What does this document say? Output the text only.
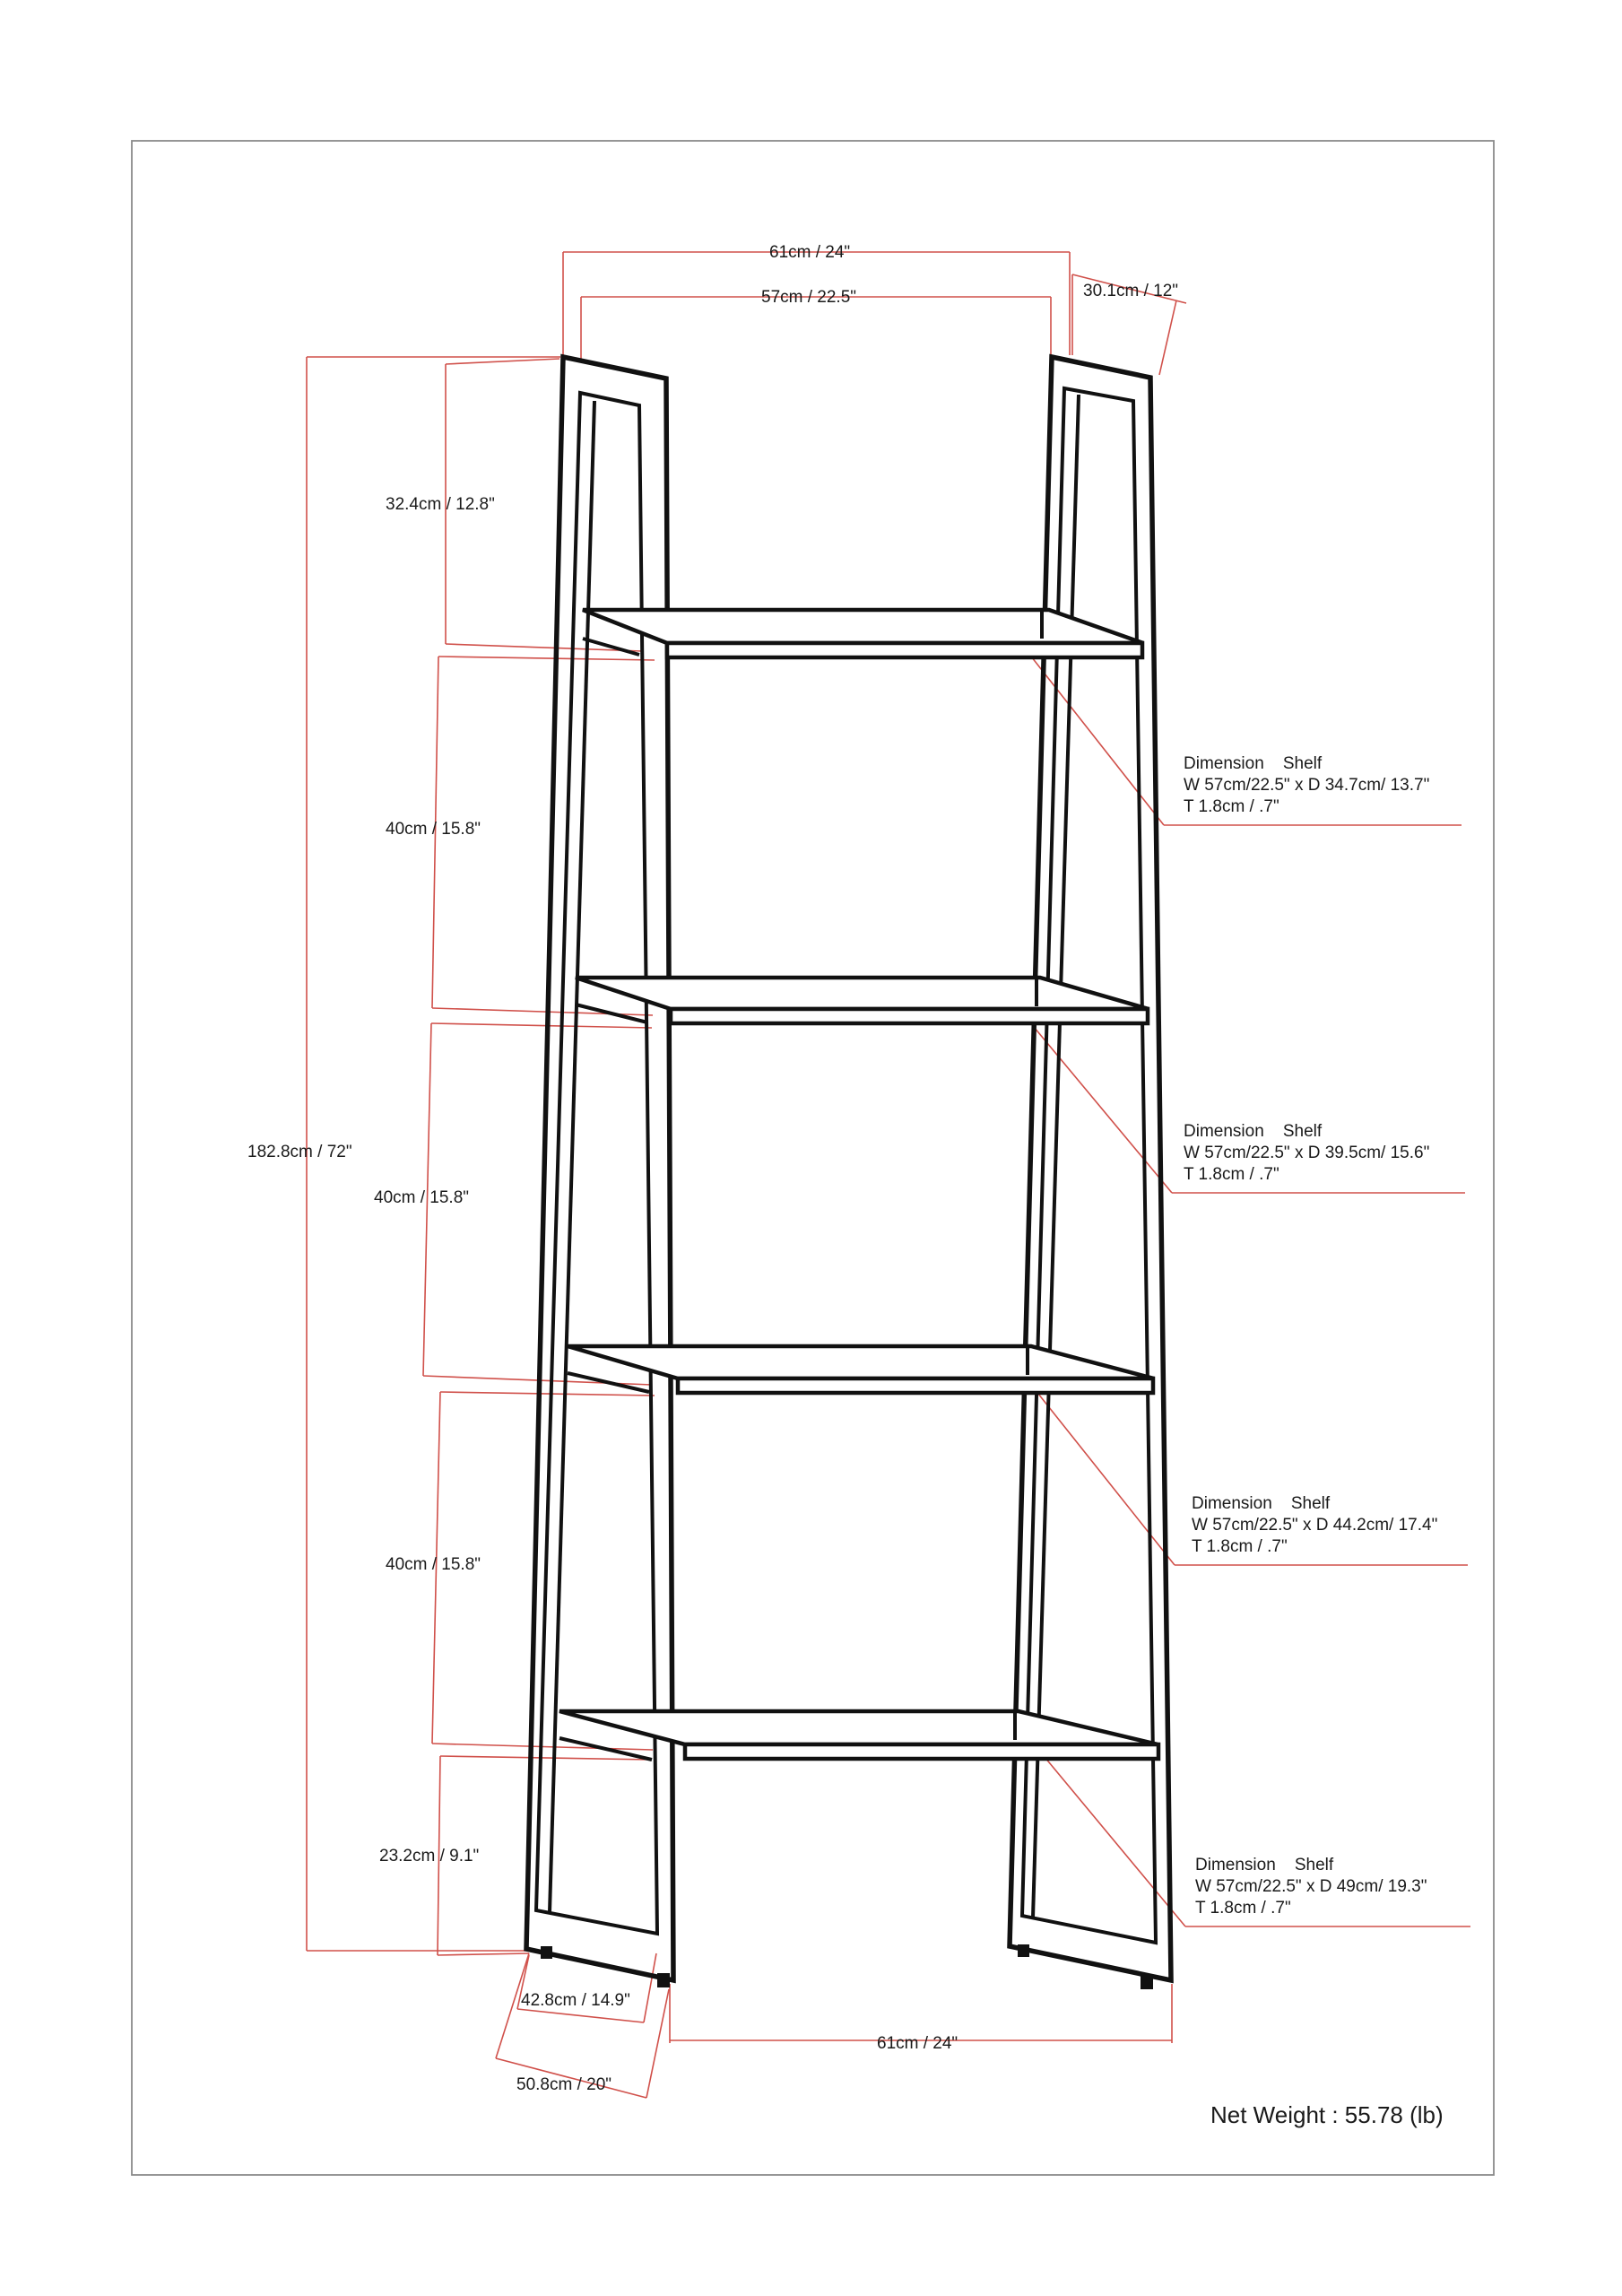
61cm / 24"
57cm / 22.5"	30.1cm / 12"
182.8cm / 72"
32.4cm / 12.8"
40cm / 15.8"
40cm / 15.8"
40cm / 15.8"
23.2cm / 9.1"
42.8cm / 14.9"
50.8cm / 20"
61cm / 24"
Dimension    Shelf
W 57cm/22.5" x D 34.7cm/ 13.7"
T 1.8cm / .7"
Dimension    Shelf
W 57cm/22.5" x D 39.5cm/ 15.6"
T 1.8cm / .7"
Dimension    Shelf
W 57cm/22.5" x D 44.2cm/ 17.4"
T 1.8cm / .7"
Dimension    Shelf
W 57cm/22.5" x D 49cm/ 19.3"
T 1.8cm / .7"
Net Weight : 55.78 (lb)
